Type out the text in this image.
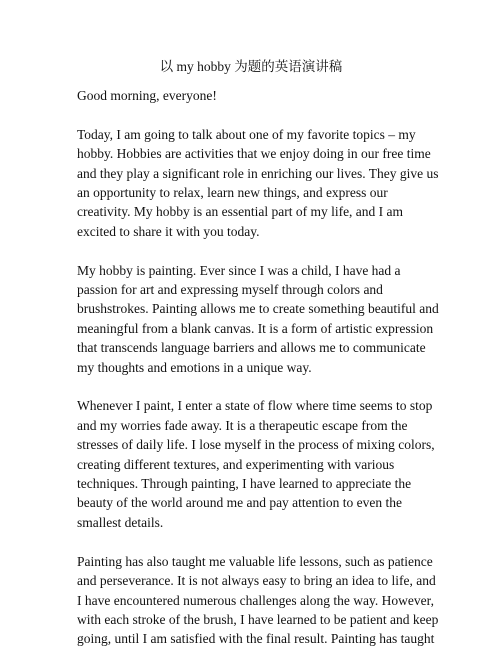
以 my hobby 为题的英语演讲稿
Good morning, everyone!
Today, I am going to talk about one of my favorite topics – my
hobby. Hobbies are activities that we enjoy doing in our free time
and they play a significant role in enriching our lives. They give us
an opportunity to relax, learn new things, and express our
creativity. My hobby is an essential part of my life, and I am
excited to share it with you today.
My hobby is painting. Ever since I was a child, I have had a
passion for art and expressing myself through colors and
brushstrokes. Painting allows me to create something beautiful and
meaningful from a blank canvas. It is a form of artistic expression
that transcends language barriers and allows me to communicate
my thoughts and emotions in a unique way.
Whenever I paint, I enter a state of flow where time seems to stop
and my worries fade away. It is a therapeutic escape from the
stresses of daily life. I lose myself in the process of mixing colors,
creating different textures, and experimenting with various
techniques. Through painting, I have learned to appreciate the
beauty of the world around me and pay attention to even the
smallest details.
Painting has also taught me valuable life lessons, such as patience
and perseverance. It is not always easy to bring an idea to life, and
I have encountered numerous challenges along the way. However,
with each stroke of the brush, I have learned to be patient and keep
going, until I am satisfied with the final result. Painting has taught
